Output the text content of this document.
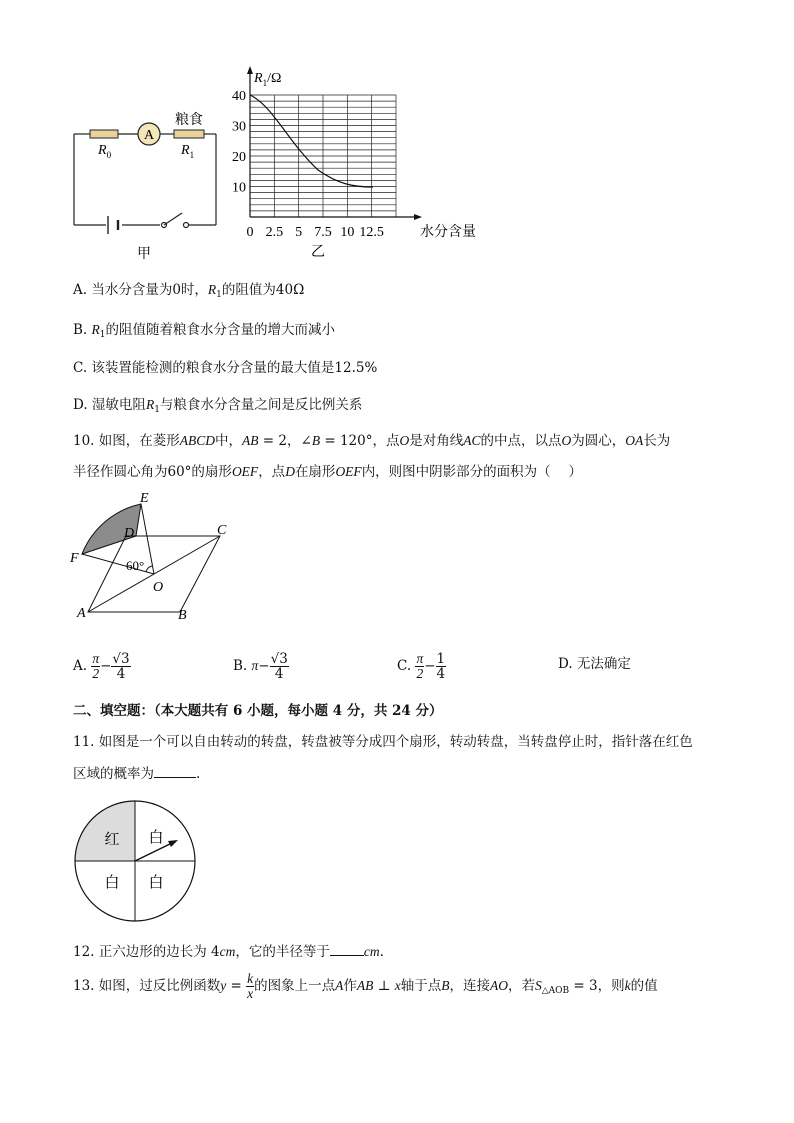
A
粮食
$R_0$	$R_1$
甲
$R_1/\Omega$
40
30
20
10
0 2.5 5 7.5 10 12.5	水分含量
乙
A. 当水分含量为0时，$R_1$的阻值为40Ω
B. $R_1$的阻值随着粮食水分含量的增大而减小
C. 该装置能检测的粮食水分含量的最大值是12.5%
D. 湿敏电阻$R_1$与粮食水分含量之间是反比例关系
10. 如图，在菱形ABCD中，AB = 2，∠B = 120°，点O是对角线AC的中点，以点O为圆心，OA长为
半径作圆心角为60°的扇形OEF，点D在扇形OEF内，则图中阴影部分的面积为（　 ）
E
C
D
F	60°
O
A	B
A. $\frac{\pi}{2} - \frac{√3}{4}$	B. $\pi- \frac{√3}{4}$	C. $\frac{\pi}{2} - \frac{1}{4}$	D. 无法确定
二、填空题：（本大题共有 6 小题，每小题 4 分，共 24 分）
11. 如图是一个可以自由转动的转盘，转盘被等分成四个扇形，转动转盘，当转盘停止时，指针落在红色
区域的概率为	.
红 白
白 白
12. 正六边形的边长为 4cm，它的半径等于	cm.
13. 如图，过反比例函数$y = \frac{k}{x}$ 的图象上一点A作AB ⊥ x轴于点B，连接AO，若$S_{\triangle AOB} = 3$，则k的值
